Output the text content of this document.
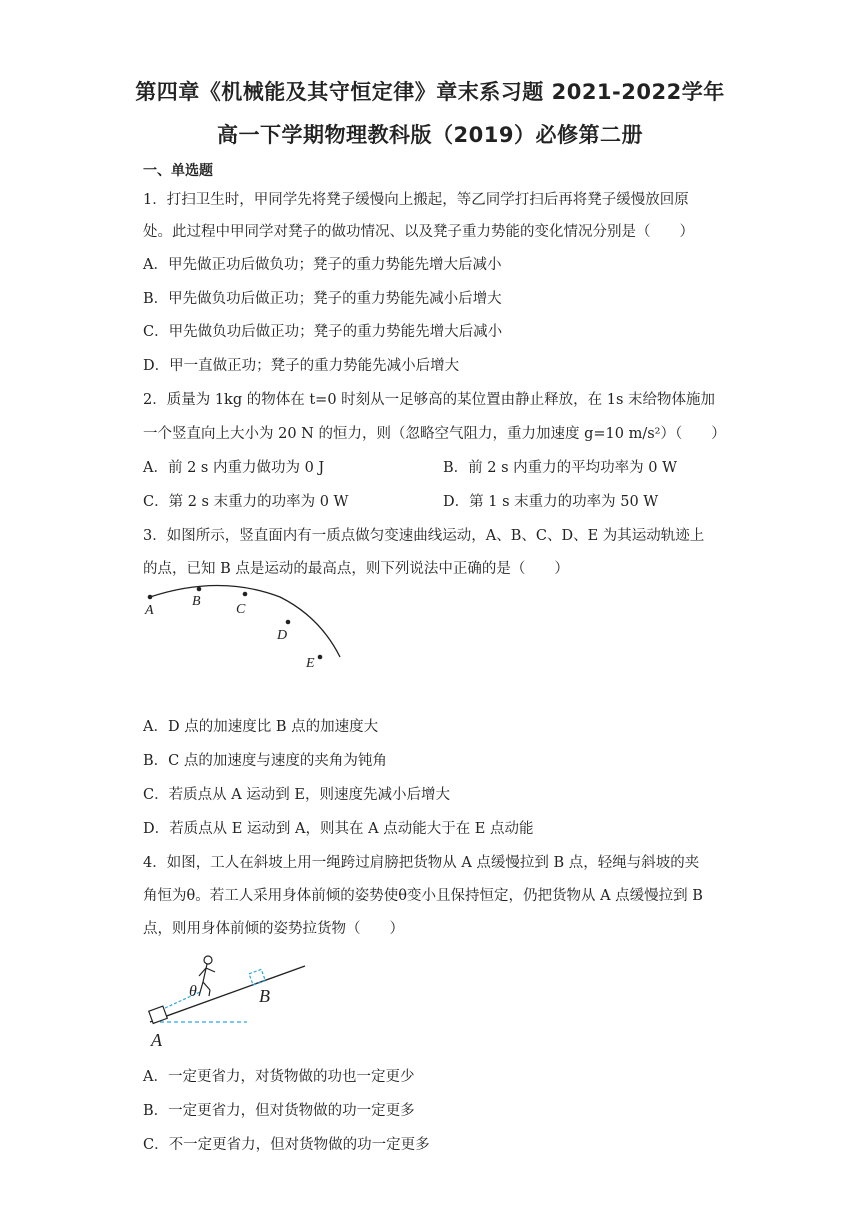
第四章《机械能及其守恒定律》章末系习题 2021-2022学年
高一下学期物理教科版（2019）必修第二册
一、单选题
1．打扫卫生时，甲同学先将凳子缓慢向上搬起，等乙同学打扫后再将凳子缓慢放回原
处。此过程中甲同学对凳子的做功情况、以及凳子重力势能的变化情况分别是（　　）
A．甲先做正功后做负功；凳子的重力势能先增大后减小
B．甲先做负功后做正功；凳子的重力势能先减小后增大
C．甲先做负功后做正功；凳子的重力势能先增大后减小
D．甲一直做正功；凳子的重力势能先减小后增大
2．质量为 1kg 的物体在 t=0 时刻从一足够高的某位置由静止释放，在 1s 末给物体施加
一个竖直向上大小为 20 N 的恒力，则（忽略空气阻力，重力加速度 g=10 m/s²）（　　）
A．前 2 s 内重力做功为 0 J	B．前 2 s 内重力的平均功率为 0 W
C．第 2 s 末重力的功率为 0 W	D．第 1 s 末重力的功率为 50 W
3．如图所示，竖直面内有一质点做匀变速曲线运动，A、B、C、D、E 为其运动轨迹上
的点，已知 B 点是运动的最高点，则下列说法中正确的是（　　）
A
B
C
D
E
A．D 点的加速度比 B 点的加速度大
B．C 点的加速度与速度的夹角为钝角
C．若质点从 A 运动到 E，则速度先减小后增大
D．若质点从 E 运动到 A，则其在 A 点动能大于在 E 点动能
4．如图，工人在斜坡上用一绳跨过肩膀把货物从 A 点缓慢拉到 B 点，轻绳与斜坡的夹
角恒为θ。若工人采用身体前倾的姿势使θ变小且保持恒定，仍把货物从 A 点缓慢拉到 B
点，则用身体前倾的姿势拉货物（　　）
θ	B
A
A．一定更省力，对货物做的功也一定更少
B．一定更省力，但对货物做的功一定更多
C．不一定更省力，但对货物做的功一定更多
